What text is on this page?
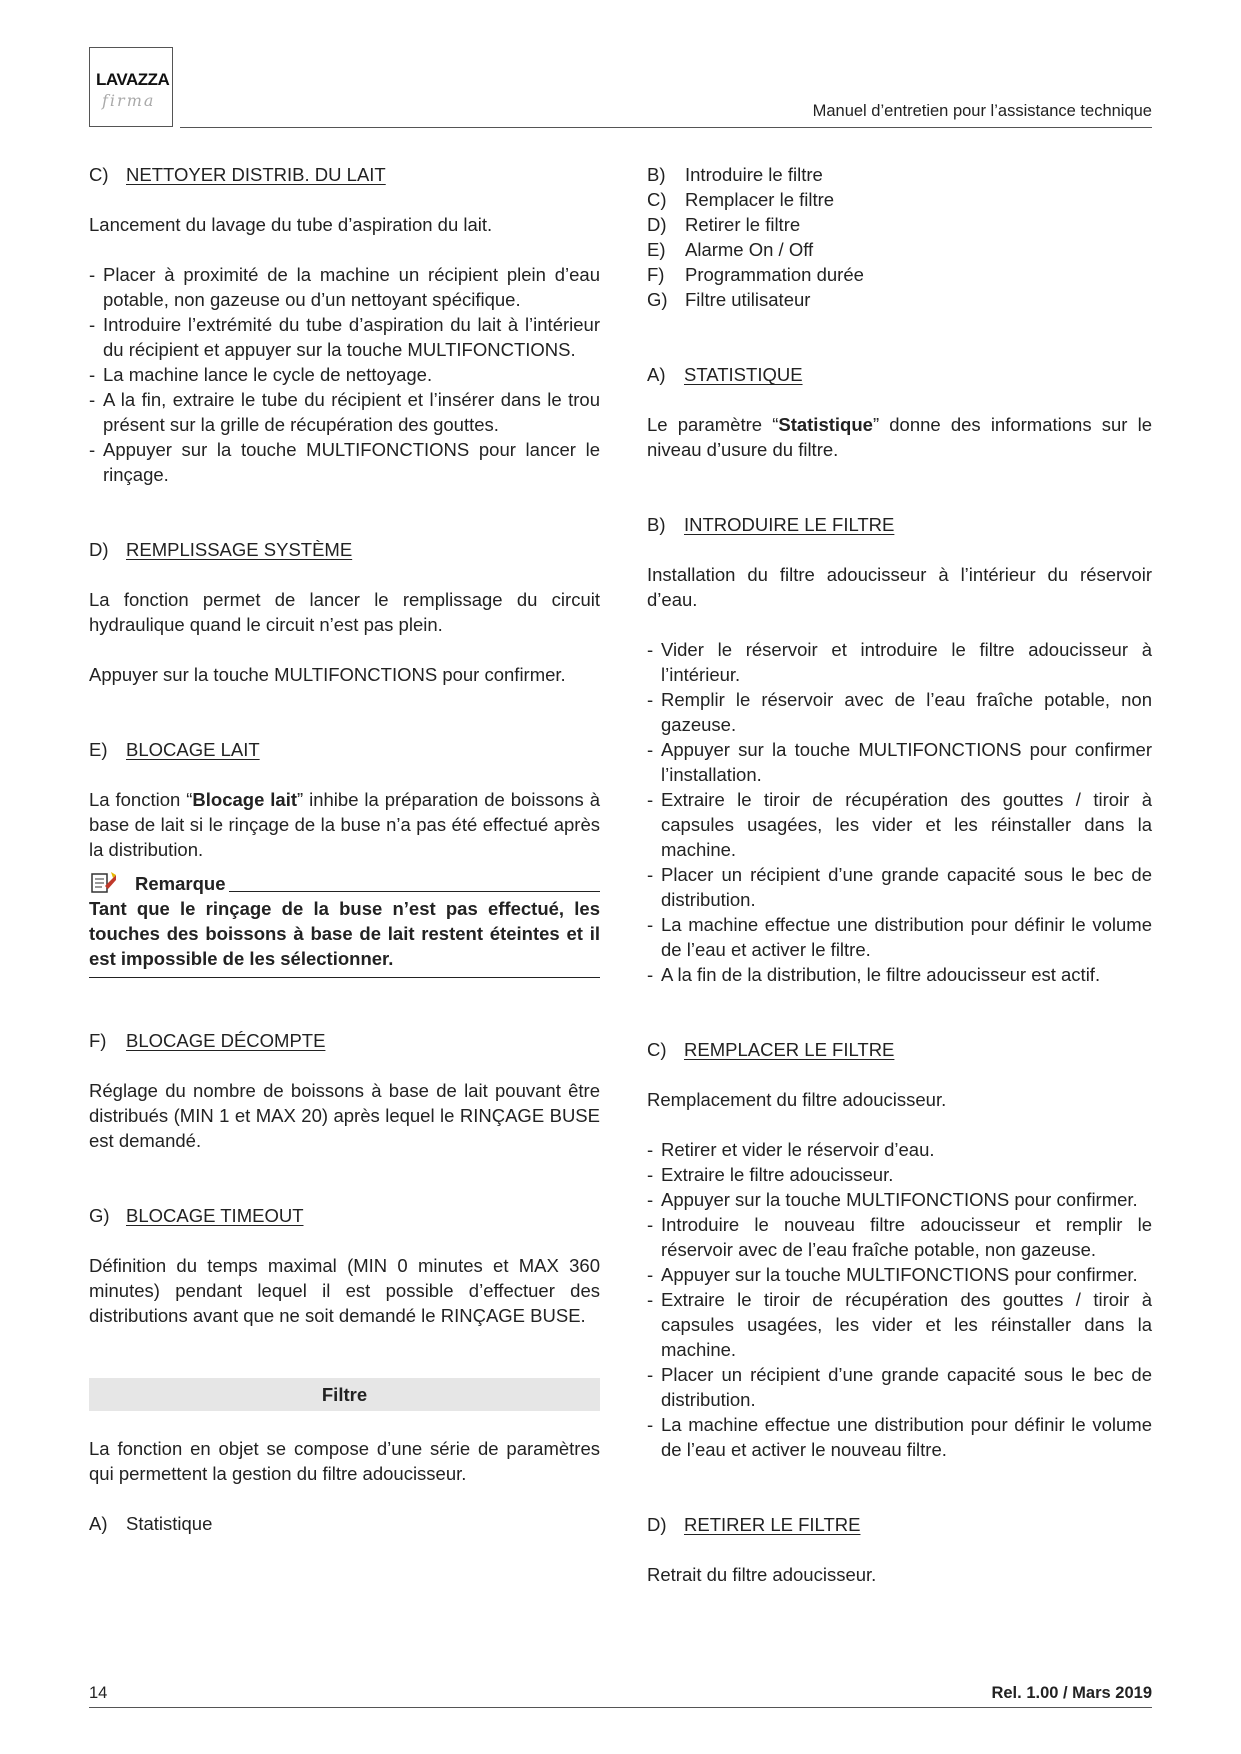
LAVAZZA
firma
Manuel d’entretien pour l’assistance technique
C) NETTOYER DISTRIB. DU LAIT

Lancement du lavage du tube d’aspiration du lait.

- Placer à proximité de la machine un récipient plein d’eau potable, non gazeuse ou d’un nettoyant spécifique.
- Introduire l’extrémité du tube d’aspiration du lait à l’intérieur du récipient et appuyer sur la touche MULTIFONCTIONS.
- La machine lance le cycle de nettoyage.
- A la fin, extraire le tube du récipient et l’insérer dans le trou présent sur la grille de récupération des gouttes.
- Appuyer sur la touche MULTIFONCTIONS pour lancer le rinçage.
D) REMPLISSAGE SYSTÈME

La fonction permet de lancer le remplissage du circuit hydraulique quand le circuit n’est pas plein.

Appuyer sur la touche MULTIFONCTIONS pour confirmer.

E)	BLOCAGE LAIT

La fonction “Blocage lait” inhibe la préparation de boissons à base de lait si le rinçage de la buse n’a pas été effectué après la distribution.

Remarque

Tant que le rinçage de la buse n’est pas effectué, les touches des boissons à base de lait restent éteintes et il est impossible de les sélectionner.

F)	BLOCAGE DÉCOMPTE

Réglage du nombre de boissons à base de lait pouvant être distribués (MIN 1 et MAX 20) après lequel le RINÇAGE BUSE est demandé.

G) BLOCAGE TIMEOUT

Définition du temps maximal (MIN 0 minutes et MAX 360 minutes) pendant lequel il est possible d’effectuer des distributions avant que ne soit demandé le RINÇAGE BUSE.

Filtre

La fonction en objet se compose d’une série de paramètres qui permettent la gestion du filtre adoucisseur.

A)	Statistique
B)	Introduire le filtre
C) Remplacer le filtre
D) Retirer le filtre
E)	Alarme On / Off
F)	Programmation durée
G) Filtre utilisateur
A)	STATISTIQUE

Le paramètre “Statistique” donne des informations sur le niveau d’usure du filtre.

B)	INTRODUIRE LE FILTRE

Installation du filtre adoucisseur à l’intérieur du réservoir d’eau.

- Vider le réservoir et introduire le filtre adoucisseur à l’intérieur.
- Remplir le réservoir avec de l’eau fraîche potable, non gazeuse.
- Appuyer sur la touche MULTIFONCTIONS pour confirmer l’installation.
- Extraire le tiroir de récupération des gouttes / tiroir à capsules usagées, les vider et les réinstaller dans la machine.
- Placer un récipient d’une grande capacité sous le bec de distribution.
- La machine effectue une distribution pour définir le volume de l’eau et activer le filtre.
- A la fin de la distribution, le filtre adoucisseur est actif.
C) REMPLACER LE FILTRE

Remplacement du filtre adoucisseur.

- Retirer et vider le réservoir d’eau.
- Extraire le filtre adoucisseur.
- Appuyer sur la touche MULTIFONCTIONS pour confirmer.
- Introduire le nouveau filtre adoucisseur et remplir le réservoir avec de l’eau fraîche potable, non gazeuse.
- Appuyer sur la touche MULTIFONCTIONS pour confirmer.
- Extraire le tiroir de récupération des gouttes / tiroir à capsules usagées, les vider et les réinstaller dans la machine.
- Placer un récipient d’une grande capacité sous le bec de distribution.
- La machine effectue une distribution pour définir le volume de l’eau et activer le nouveau filtre.
D) RETIRER LE FILTRE

Retrait du filtre adoucisseur.

14	Rel. 1.00 / Mars 2019
